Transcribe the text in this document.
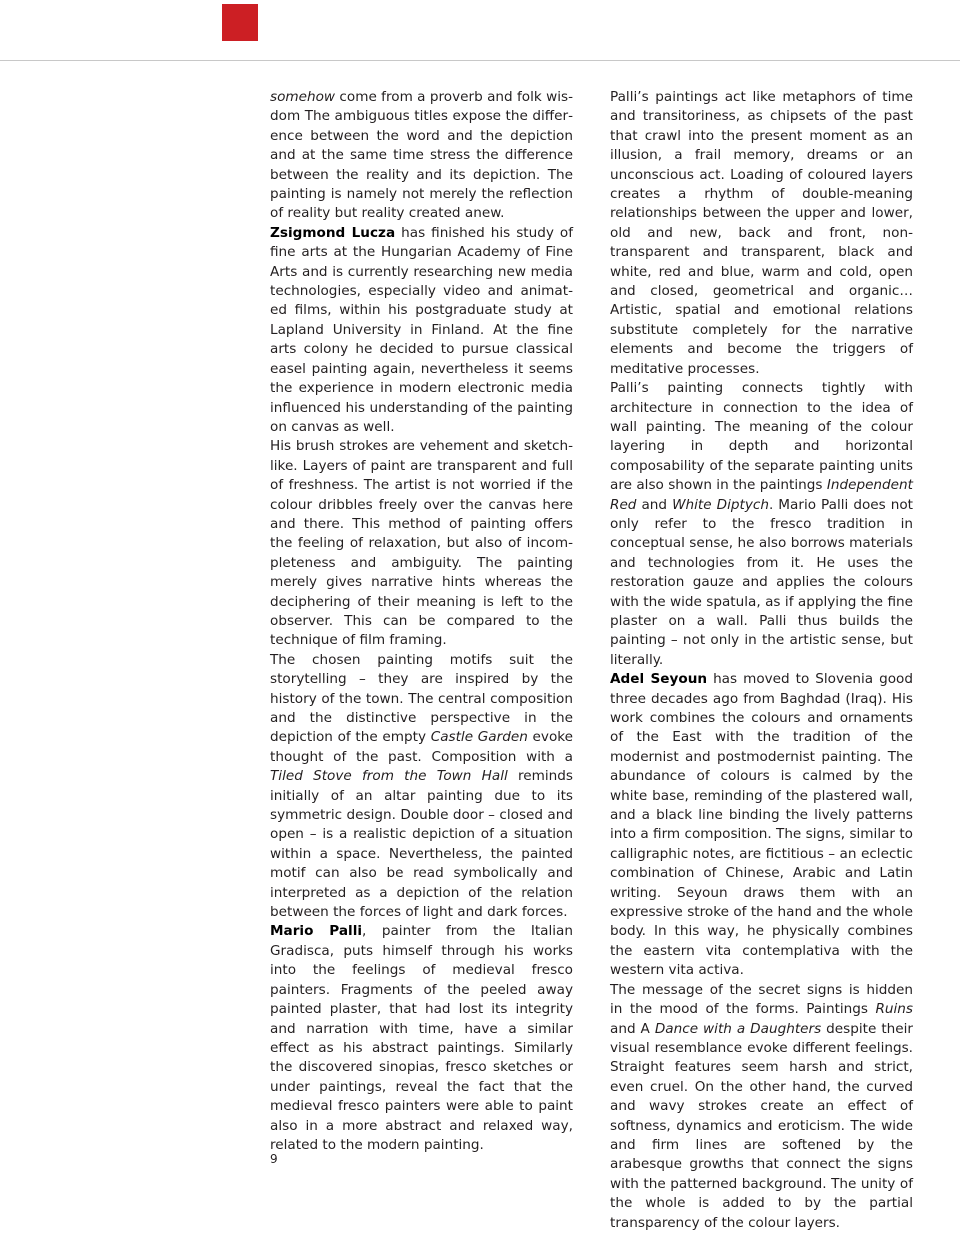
somehow come from a proverb and folk wisdom The ambiguous titles expose the difference between the word and the depiction and at the same time stress the difference between the reality and its depiction. The painting is namely not merely the reflection of reality but reality created anew.

Zsigmond Lucza has finished his study of fine arts at the Hungarian Academy of Fine Arts and is currently researching new media technologies, especially video and animated films, within his postgraduate study at Lapland University in Finland. At the fine arts colony he decided to pursue classical easel painting again, nevertheless it seems the experience in modern electronic media influenced his understanding of the painting on canvas as well.

His brush strokes are vehement and sketchlike. Layers of paint are transparent and full of freshness. The artist is not worried if the colour dribbles freely over the canvas here and there. This method of painting offers the feeling of relaxation, but also of incompleteness and ambiguity. The painting merely gives narrative hints whereas the deciphering of their meaning is left to the observer. This can be compared to the technique of film framing.

The chosen painting motifs suit the storytelling – they are inspired by the history of the town. The central composition and the distinctive perspective in the depiction of the empty Castle Garden evoke thought of the past. Composition with a Tiled Stove from the Town Hall reminds initially of an altar painting due to its symmetric design. Double door – closed and open – is a realistic depiction of a situation within a space. Nevertheless, the painted motif can also be read symbolically and interpreted as a depiction of the relation between the forces of light and dark forces.

Mario Palli, painter from the Italian Gradisca, puts himself through his works into the feelings of medieval fresco painters. Fragments of the peeled away painted plaster, that had lost its integrity and narration with time, have a similar effect as his abstract paintings. Similarly the discovered sinopias, fresco sketches or under paintings, reveal the fact that the medieval fresco painters were able to paint also in a more abstract and relaxed way, related to the modern painting.

Palli’s paintings act like metaphors of time and transitoriness, as chipsets of the past that crawl into the present moment as an illusion, a frail memory, dreams or an unconscious act. Loading of coloured layers creates a rhythm of double-meaning relationships between the upper and lower, old and new, back and front, non-transparent and transparent, black and white, red and blue, warm and cold, open and closed, geometrical and organic… Artistic, spatial and emotional relations substitute completely for the narrative elements and become the triggers of meditative processes.

Palli’s painting connects tightly with architecture in connection to the idea of wall painting. The meaning of the colour layering in depth and horizontal composability of the separate painting units are also shown in the paintings Independent Red and White Diptych. Mario Palli does not only refer to the fresco tradition in conceptual sense, he also borrows materials and technologies from it. He uses the restoration gauze and applies the colours with the wide spatula, as if applying the fine plaster on a wall. Palli thus builds the painting – not only in the artistic sense, but literally.

Adel Seyoun has moved to Slovenia good three decades ago from Baghdad (Iraq). His work combines the colours and ornaments of the East with the tradition of the modernist and postmodernist painting. The abundance of colours is calmed by the white base, reminding of the plastered wall, and a black line binding the lively patterns into a firm composition. The signs, similar to calligraphic notes, are fictitious – an eclectic combination of Chinese, Arabic and Latin writing. Seyoun draws them with an expressive stroke of the hand and the whole body. In this way, he physically combines the eastern vita contemplativa with the western vita activa.

The message of the secret signs is hidden in the mood of the forms. Paintings Ruins and A Dance with a Daughters despite their visual resemblance evoke different feelings. Straight features seem harsh and strict, even cruel. On the other hand, the curved and wavy strokes create an effect of softness, dynamics and eroticism. The wide and firm lines are softened by the arabesque growths that connect the signs with the patterned background. The unity of the whole is added to by the partial transparency of the colour layers.

9
